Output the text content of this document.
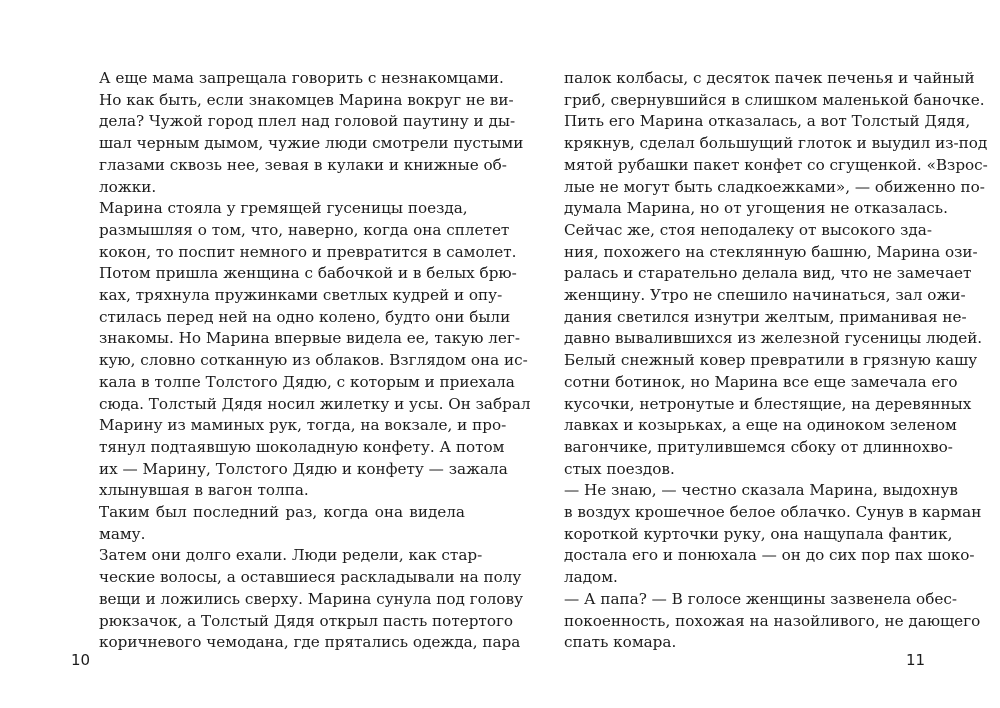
А еще мама запрещала говорить с незнакомцами.
Но как быть, если знакомцев Марина вокруг не ви-
дела? Чужой город плел над головой паутину и ды-
шал черным дымом, чужие люди смотрели пустыми
глазами сквозь нее, зевая в кулаки и книжные об-
ложки.
Марина стояла у гремящей гусеницы поезда,
размышляя о том, что, наверно, когда она сплетет
кокон, то поспит немного и превратится в самолет.
Потом пришла женщина с бабочкой и в белых брю-
ках, тряхнула пружинками светлых кудрей и опу-
стилась перед ней на одно колено, будто они были
знакомы. Но Марина впервые видела ее, такую лег-
кую, словно сотканную из облаков. Взглядом она ис-
кала в толпе Толстого Дядю, с которым и приехала
сюда. Толстый Дядя носил жилетку и усы. Он забрал
Марину из маминых рук, тогда, на вокзале, и про-
тянул подтаявшую шоколадную конфету. А потом
их — Марину, Толстого Дядю и конфету — зажала
хлынувшая в вагон толпа.
Таким был последний раз, когда она видела
маму.
Затем они долго ехали. Люди редели, как стар-
ческие волосы, а оставшиеся раскладывали на полу
вещи и ложились сверху. Марина сунула под голову
рюкзачок, а Толстый Дядя открыл пасть потертого
коричневого чемодана, где прятались одежда, пара
палок колбасы, с десяток пачек печенья и чайный
гриб, свернувшийся в слишком маленькой баночке.
Пить его Марина отказалась, а вот Толстый Дядя,
крякнув, сделал большущий глоток и выудил из-под
мятой рубашки пакет конфет со сгущенкой. «Взрос-
лые не могут быть сладкоежками», — обиженно по-
думала Марина, но от угощения не отказалась.
Сейчас же, стоя неподалеку от высокого зда-
ния, похожего на стеклянную башню, Марина ози-
ралась и старательно делала вид, что не замечает
женщину. Утро не спешило начинаться, зал ожи-
дания светился изнутри желтым, приманивая не-
давно вывалившихся из железной гусеницы людей.
Белый снежный ковер превратили в грязную кашу
сотни ботинок, но Марина все еще замечала его
кусочки, нетронутые и блестящие, на деревянных
лавках и козырьках, а еще на одиноком зеленом
вагончике, притулившемся сбоку от длиннохво-
стых поездов.
— Не знаю, — честно сказала Марина, выдохнув
в воздух крошечное белое облачко. Сунув в карман
короткой курточки руку, она нащупала фантик,
достала его и понюхала — он до сих пор пах шоко-
ладом.
— А папа? — В голосе женщины зазвенела обес-
покоенность, похожая на назойливого, не дающего
спать комара.
10	11
